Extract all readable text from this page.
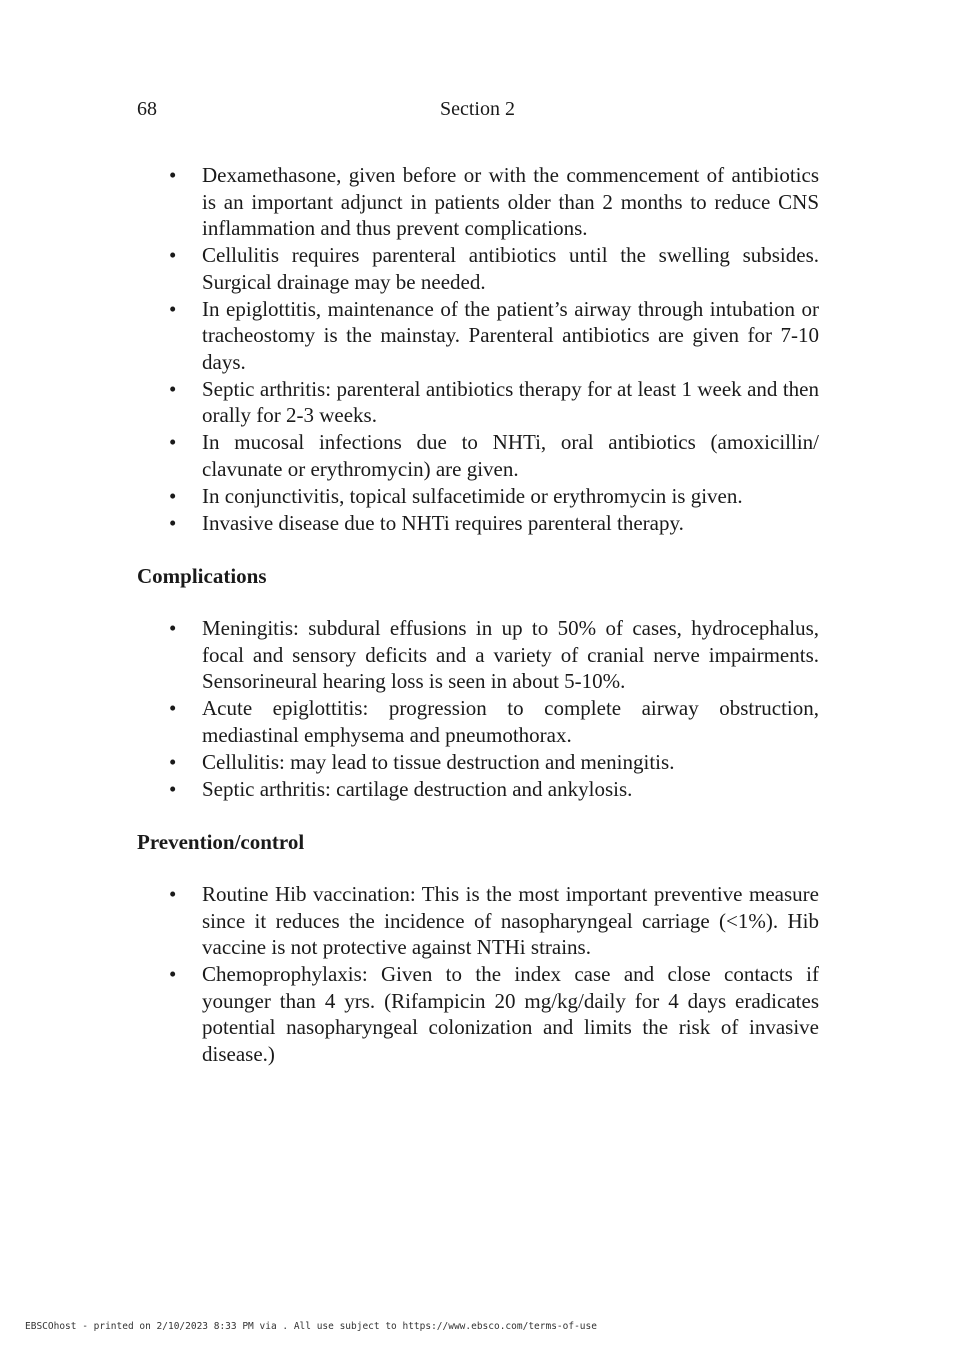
68	Section 2
• Dexamethasone, given before or with the commencement of antibiotics is an important adjunct in patients older than 2 months to reduce CNS inflammation and thus prevent complications.
• Cellulitis requires parenteral antibiotics until the swelling subsides. Surgical drainage may be needed.
• In epiglottitis, maintenance of the patient’s airway through intubation or tracheostomy is the mainstay. Parenteral antibiotics are given for 7-10 days.
• Septic arthritis: parenteral antibiotics therapy for at least 1 week and then orally for 2-3 weeks.
• In mucosal infections due to NHTi, oral antibiotics (amoxicillin/ clavunate or erythromycin) are given.
• In conjunctivitis, topical sulfacetimide or erythromycin is given.
• Invasive disease due to NHTi requires parenteral therapy.
Complications
• Meningitis: subdural effusions in up to 50% of cases, hydrocephalus, focal and sensory deficits and a variety of cranial nerve impairments. Sensorineural hearing loss is seen in about 5-10%.
• Acute epiglottitis: progression to complete airway obstruction, mediastinal emphysema and pneumothorax.
• Cellulitis: may lead to tissue destruction and meningitis.
• Septic arthritis: cartilage destruction and ankylosis.
Prevention/control
• Routine Hib vaccination: This is the most important preventive measure since it reduces the incidence of nasopharyngeal carriage (<1%). Hib vaccine is not protective against NTHi strains.
• Chemoprophylaxis: Given to the index case and close contacts if younger than 4 yrs. (Rifampicin 20 mg/kg/daily for 4 days eradicates potential nasopharyngeal colonization and limits the risk of invasive disease.)
EBSCOhost - printed on 2/10/2023 8:33 PM via . All use subject to https://www.ebsco.com/terms-of-use
